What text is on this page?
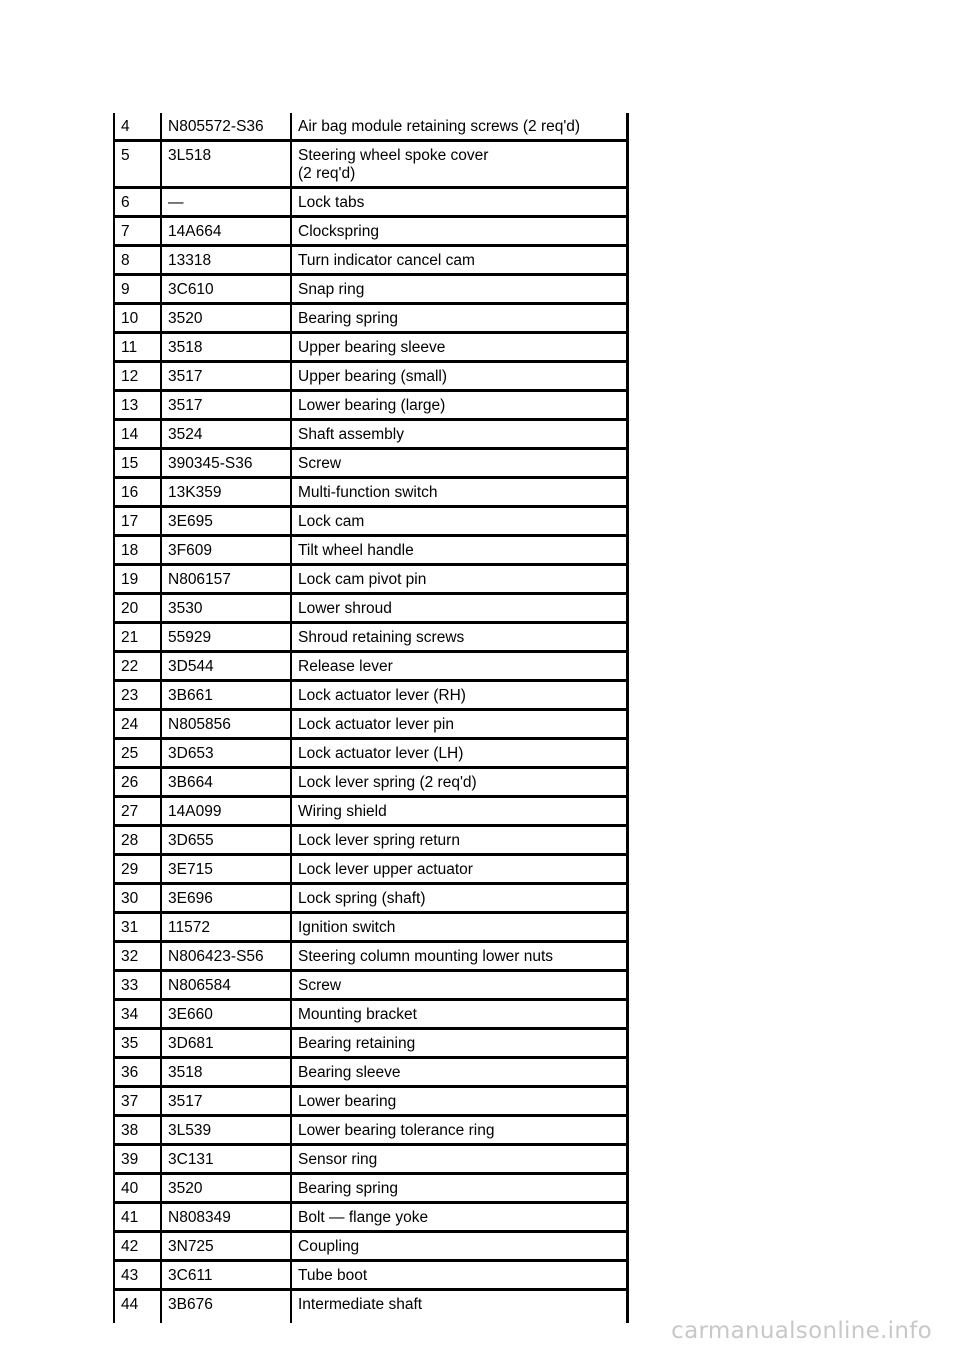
4	N805572-S36	Air bag module retaining screws (2 req'd)
5	3L518	Steering wheel spoke cover
(2 req'd)
6	—	Lock tabs
7	14A664	Clockspring
8	13318	Turn indicator cancel cam
9	3C610	Snap ring
10	3520	Bearing spring
11	3518	Upper bearing sleeve
12	3517	Upper bearing (small)
13	3517	Lower bearing (large)
14	3524	Shaft assembly
15	390345-S36	Screw
16	13K359	Multi-function switch
17	3E695	Lock cam
18	3F609	Tilt wheel handle
19	N806157	Lock cam pivot pin
20	3530	Lower shroud
21	55929	Shroud retaining screws
22	3D544	Release lever
23	3B661	Lock actuator lever (RH)
24	N805856	Lock actuator lever pin
25	3D653	Lock actuator lever (LH)
26	3B664	Lock lever spring (2 req'd)
27	14A099	Wiring shield
28	3D655	Lock lever spring return
29	3E715	Lock lever upper actuator
30	3E696	Lock spring (shaft)
31	11572	Ignition switch
32	N806423-S56	Steering column mounting lower nuts
33	N806584	Screw
34	3E660	Mounting bracket
35	3D681	Bearing retaining
36	3518	Bearing sleeve
37	3517	Lower bearing
38	3L539	Lower bearing tolerance ring
39	3C131	Sensor ring
40	3520	Bearing spring
41	N808349	Bolt — flange yoke
42	3N725	Coupling
43	3C611	Tube boot
44	3B676	Intermediate shaft
carmanualsonline.info
